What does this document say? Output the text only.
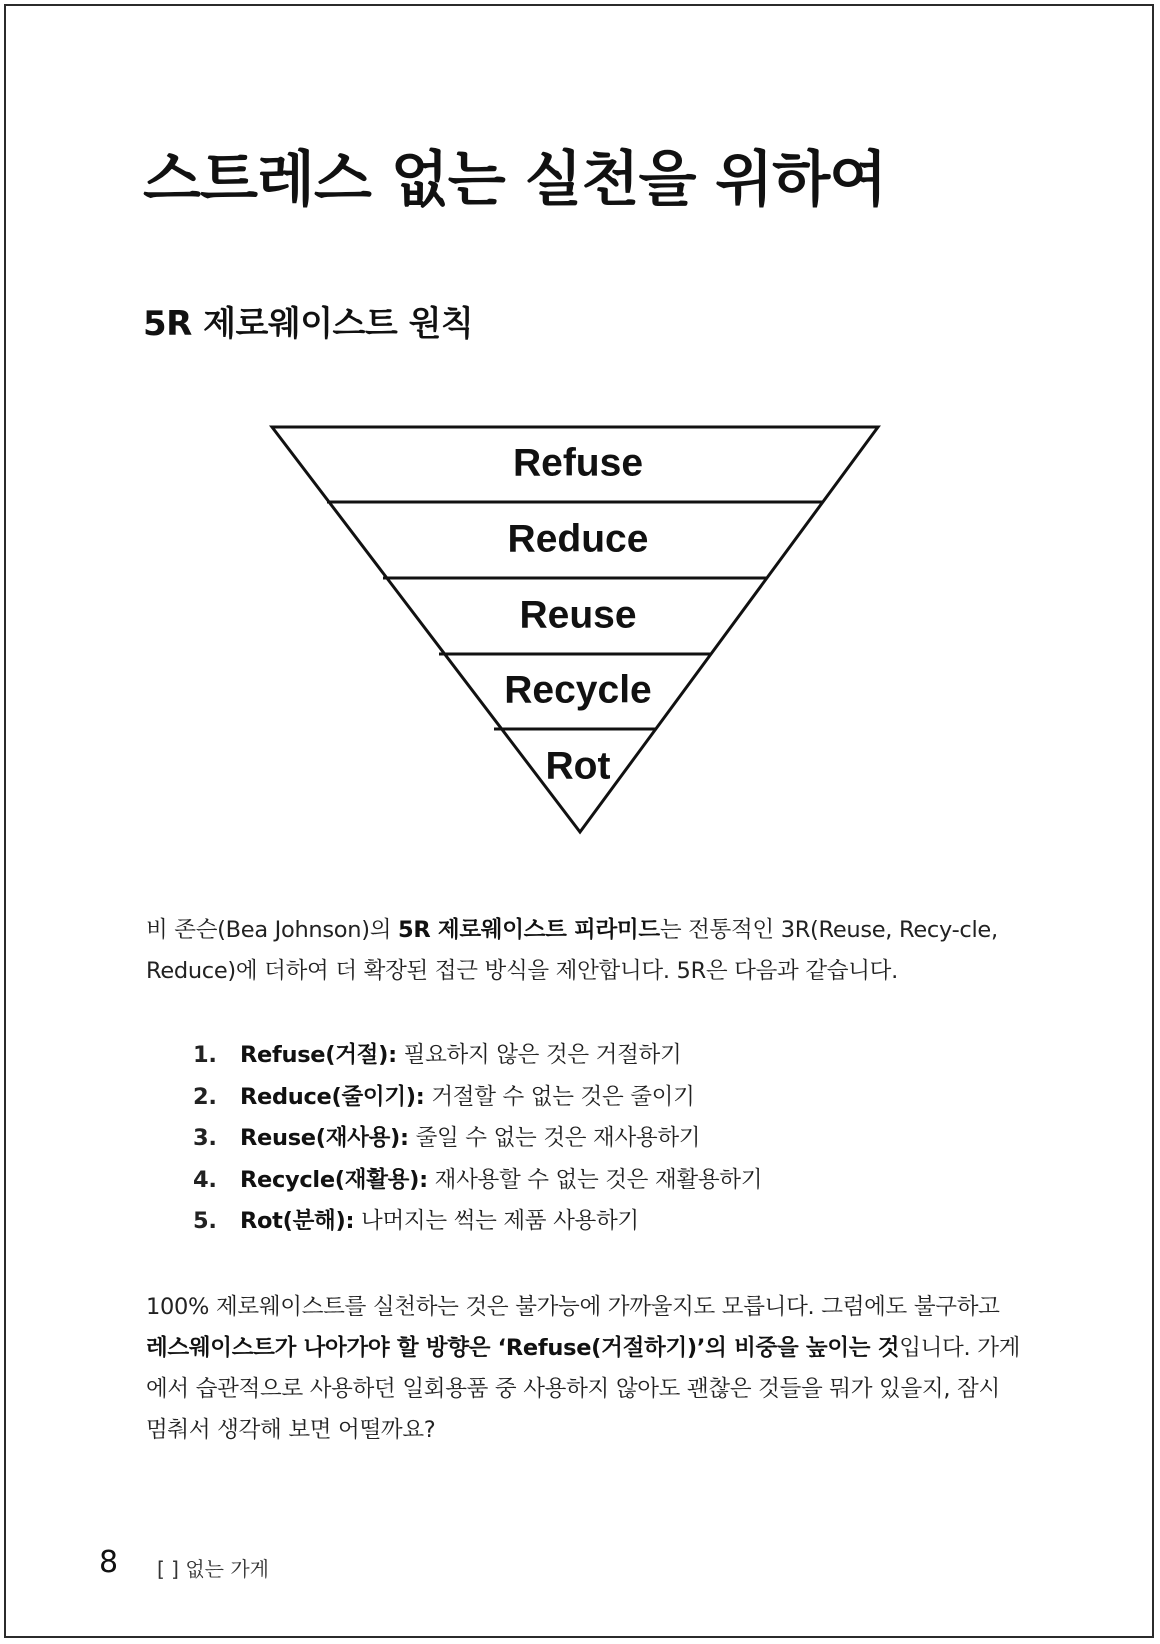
스트레스 없는 실천을 위하여
5R 제로웨이스트 원칙
Refuse
Reduce
Reuse
Recycle
Rot

비 존슨(Bea Johnson)의 5R 제로웨이스트 피라미드는 전통적인 3R(Reuse, Recy-cle, Reduce)에 더하여 더 확장된 접근 방식을 제안합니다. 5R은 다음과 같습니다.

1. Refuse(거절): 필요하지 않은 것은 거절하기
2. Reduce(줄이기): 거절할 수 없는 것은 줄이기
3. Reuse(재사용): 줄일 수 없는 것은 재사용하기
4. Recycle(재활용): 재사용할 수 없는 것은 재활용하기
5. Rot(분해): 나머지는 썩는 제품 사용하기

100% 제로웨이스트를 실천하는 것은 불가능에 가까울지도 모릅니다. 그럼에도 불구하고 레스웨이스트가 나아가야 할 방향은 ‘Refuse(거절하기)’의 비중을 높이는 것입니다. 가게에서 습관적으로 사용하던 일회용품 중 사용하지 않아도 괜찮은 것들을 뭐가 있을지, 잠시 멈춰서 생각해 보면 어떨까요?

8 [ ] 없는 가게
